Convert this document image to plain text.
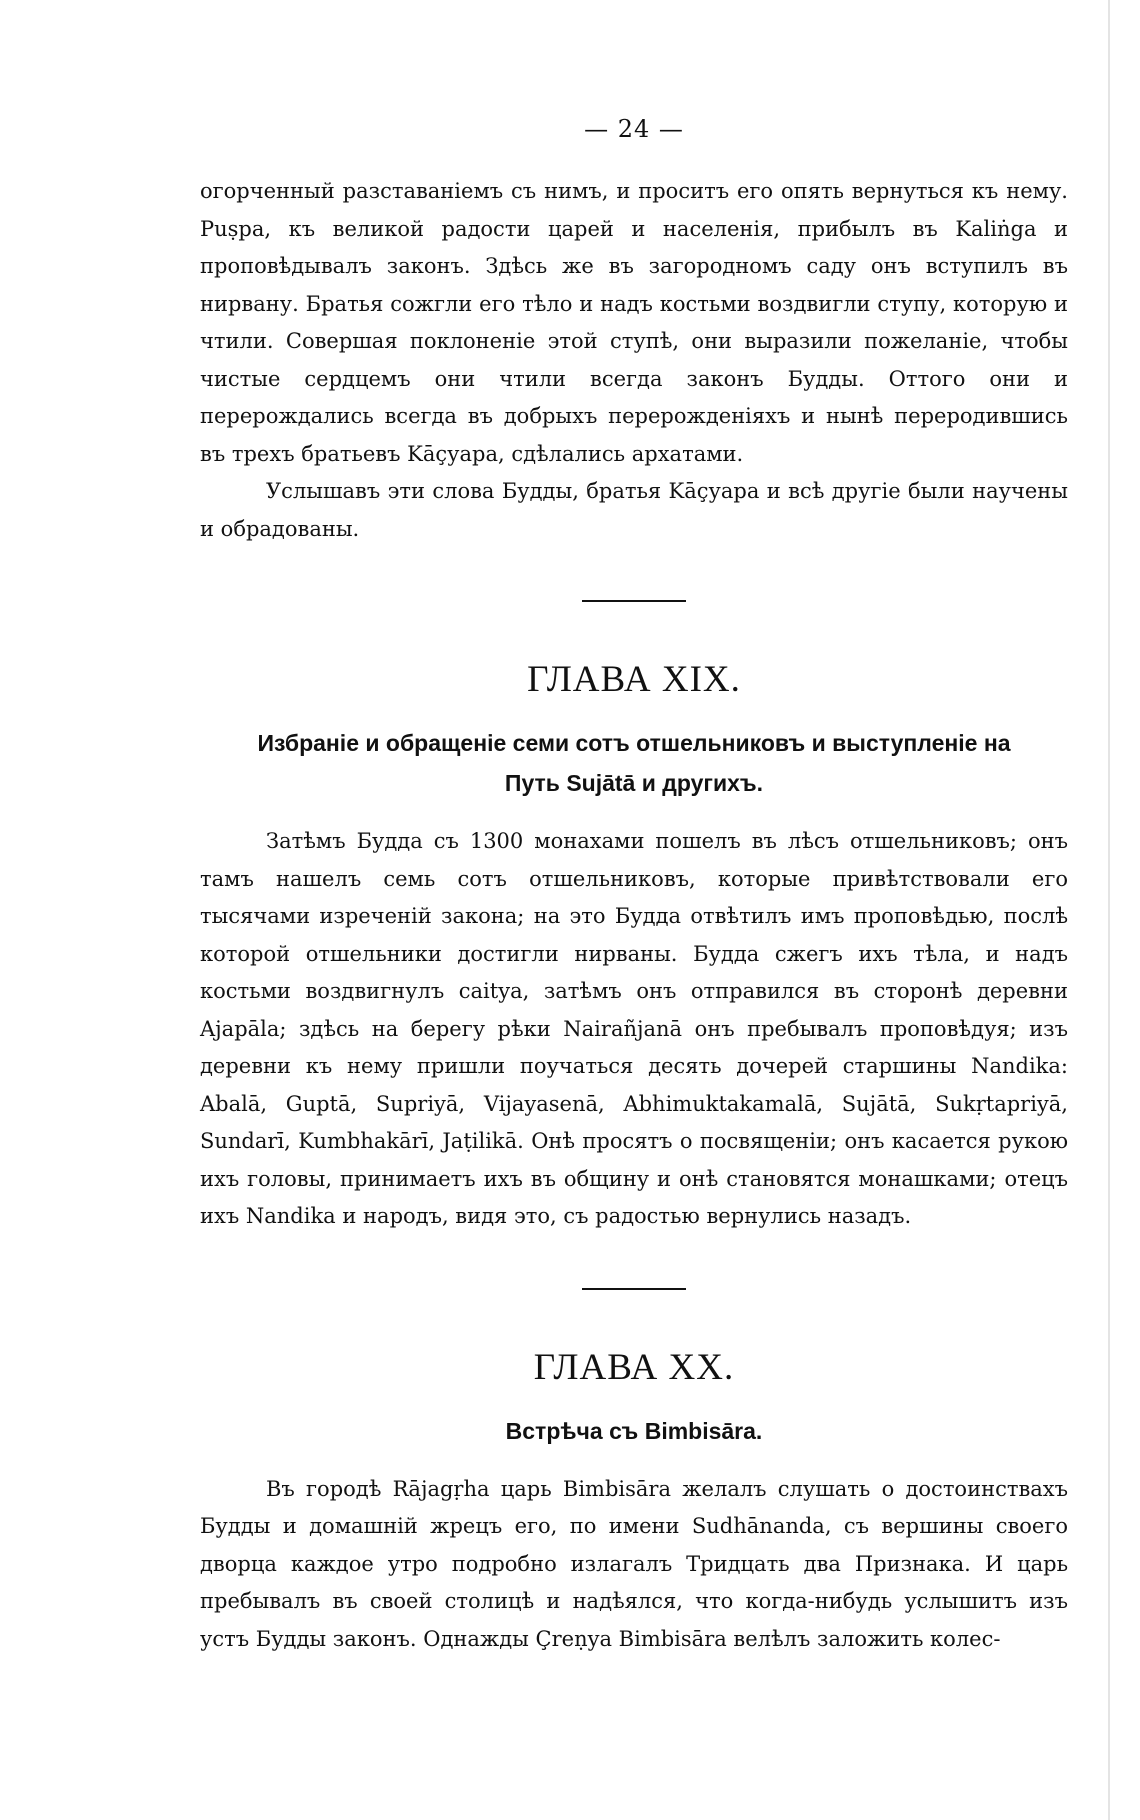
— 24 —

огорченный разставаніемъ съ нимъ, и проситъ его опять вернуться къ нему. Puṣpa, къ великой радости царей и населенія, прибылъ въ Kaliṅga и проповѣдывалъ законъ. Здѣсь же въ загородномъ саду онъ вступилъ въ нирвану. Братья сожгли его тѣло и надъ костьми воздвигли ступу, которую и чтили. Совершая поклоненіе этой ступѣ, они выразили пожеланіе, чтобы чистые сердцемъ они чтили всегда законъ Будды. Оттого они и перерождались всегда въ добрыхъ перерожденіяхъ и нынѣ переродившись въ трехъ братьевъ Kāçуара, сдѣлались архатами.

Услышавъ эти слова Будды, братья Kāçуара и всѣ другіе были научены и обрадованы.

ГЛАВА XIX.
Избраніе и обращеніе семи сотъ отшельниковъ и выступленіе на
Путь Sujātā и другихъ.

Затѣмъ Будда съ 1300 монахами пошелъ въ лѣсъ отшельниковъ; онъ тамъ нашелъ семь сотъ отшельниковъ, которые привѣтствовали его тысячами изреченій закона; на это Будда отвѣтилъ имъ проповѣдью, послѣ которой отшельники достигли нирваны. Будда сжегъ ихъ тѣла, и надъ костьми воздвигнулъ caitya, затѣмъ онъ отправился въ сторонѣ деревни Ajapāla; здѣсь на берегу рѣки Nairañjanā онъ пребывалъ проповѣдуя; изъ деревни къ нему пришли поучаться десять дочерей старшины Nandika: Abalā, Guptā, Supriyā, Vijayasenā, Abhimuktakamalā, Sujātā, Sukṛtapriyā, Sundarī, Kumbhakārī, Jaṭilikā. Онѣ просятъ о посвященіи; онъ касается рукою ихъ головы, принимаетъ ихъ въ общину и онѣ становятся монашками; отецъ ихъ Nandika и народъ, видя это, съ радостью вернулись назадъ.

ГЛАВА XX.
Встрѣча съ Bimbisāra.

Въ городѣ Rājagṛha царь Bimbisāra желалъ слушать о достоинствахъ Будды и домашній жрецъ его, по имени Sudhānanda, съ вершины своего дворца каждое утро подробно излагалъ Тридцать два Признака. И царь пребывалъ въ своей столицѣ и надѣялся, что когда-нибудь услышитъ изъ устъ Будды законъ. Однажды Çreṇya Bimbisāra велѣлъ заложить колес-
